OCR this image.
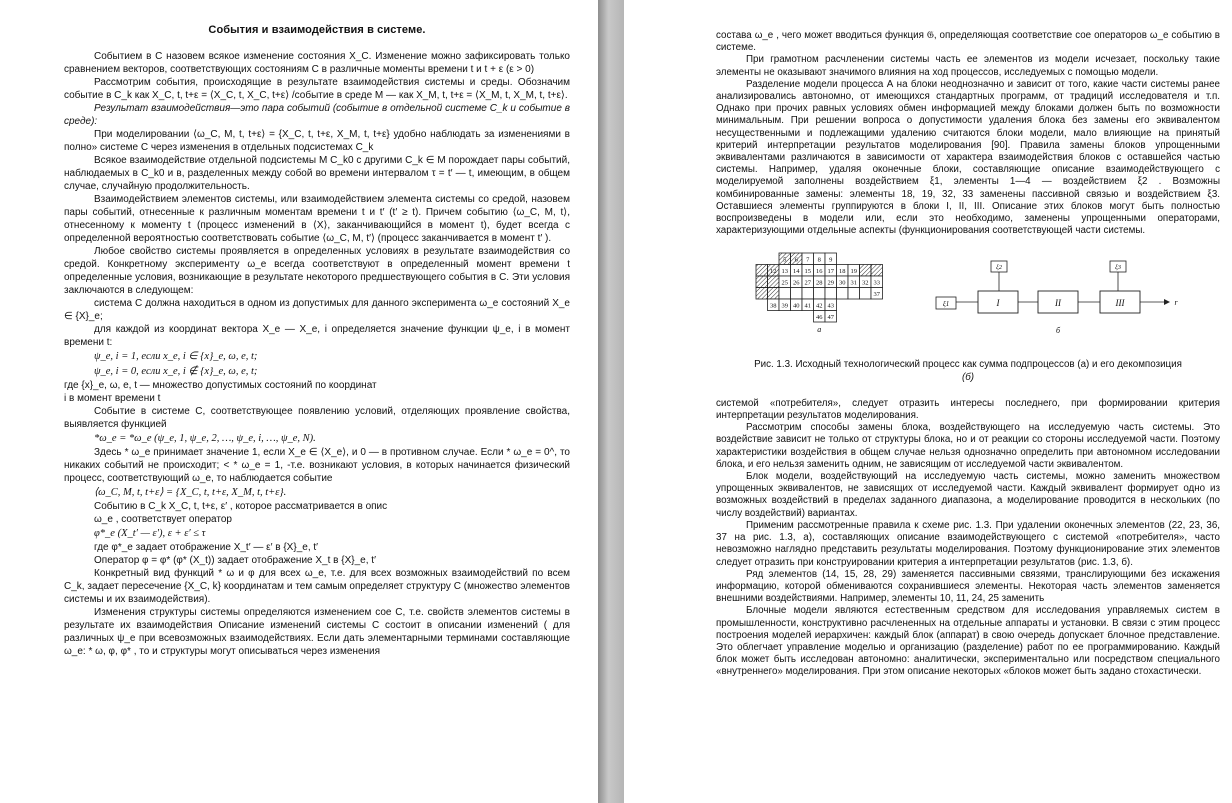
События и взаимодействия в системе.

Событием в C назовем всякое изменение состояния X_C. Изменение можно зафиксировать только сравнением векторов, соответствующих состояниям C в различные моменты времени t и t + ε (ε > 0)

Рассмотрим события, происходящие в результате взаимодействия системы и среды. Обозначим событие в C_k как X_C, t, t+ε = ⟨X_C, t, X_C, t+ε⟩ /событие в среде M — как X_M, t, t+ε = ⟨X_M, t, X_M, t, t+ε⟩.

Результат взаимодействия—это пара событий (событие в отдельной системе C_k и событие в среде):

При моделировании ⟨ω_C, M, t, t+ε⟩ = {X_C, t, t+ε, X_M, t, t+ε} удобно наблюдать за изменениями в полно» системе C через изменения в отдельных подсистемах C_k

Всякое взаимодействие отдельной подсистемы M C_k0 с другими C_k ∈ M порождает пары событий, наблюдаемых в C_k0 и в, разделенных между собой во времени интервалом τ = t′ — t, имеющим, в общем случае, случайную продолжительность.

Взаимодействием элементов системы, или взаимодействием элемента системы со средой, назовем пары событий, отнесенные к различным моментам времени t и t′ (t′ ≥ t). Причем событию ⟨ω_C, M, t⟩, отнесенному к моменту t (процесс изменений в ⟨X⟩, заканчивающийся в момент t), будет всегда с определенной вероятностью соответствовать событие ⟨ω_C, M, t′⟩ (процесс заканчивается в момент t′ ).

Любое свойство системы проявляется в определенных условиях в результате взаимодействия со средой. Конкретному эксперименту ω_e всегда соответствуют в определенный момент времени t определенные условия, возникающие в результате некоторого предшествующего события в C. Эти условия заключаются в следующем:

система C должна находиться в одном из допустимых для данного эксперимента ω_e состояний X_e ∈ {X}_e;

для каждой из координат вектора X_e — X_e, i определяется значение функции ψ_e, i в момент времени t:

ψ_e, i = 1, если x_e, i ∈ {x}_e, ω, e, t;

ψ_e, i = 0, если x_e, i ∉ {x}_e, ω, e, t;

где {x}_e, ω, e, t — множество допустимых состояний по координат

i в момент времени t

Событие в системе C, соответствующее появлению условий, отделяющих проявление свойства, выявляется функцией

*ω_e = *ω_e (ψ_e, 1, ψ_e, 2, …, ψ_e, i, …, ψ_e, N).

Здесь * ω_e принимает значение 1, если X_e ∈ ⟨X_e⟩, и 0 — в противном случае. Если * ω_e = 0^, то никаких событий не происходит; < * ω_e = 1, -т.е. возникают условия, в которых начинается физический процесс, соответствующий ω_e, то наблюдается событие

⟨ω_C, M, t, t+ε⟩ = {X_C, t, t+ε, X_M, t, t+ε}.

Событию в C_k X_C, t, t+ε, ε′ , которое рассматривается в опис

ω_e , соответствует оператор

φ*_e (X_t′ — ε′), ε + ε′ ≤ τ

где φ*_e задает отображение X_t′ — ε′ в {X}_e, t′

Оператор φ = φ* (φ* (X_t)) задает отображение X_t в {X}_e, t′

Конкретный вид функций * ω и φ для всех ω_e, т.е. для всех возможных взаимодействий по всем C_k, задает пересечение {X_C, k} координатам и тем самым определяет структуру C (множество элементов системы и их взаимодействия).

Изменения структуры системы определяются изменением сое C, т.е. свойств элементов системы в результате их взаимодействия Описание изменений системы C состоит в описании изменений ( для различных ψ_e при всевозможных взаимодействиях. Если дать элементарными терминами составляющие ω_e: * ω, φ, φ* , то и структуры могут описываться через изменения

состава ω_e , чего может вводиться функция 𝔊, определяющая соответствие сое операторов ω_e событию в системе.

При грамотном расчленении системы часть ее элементов из модели исчезает, поскольку такие элементы не оказывают значимого влияния на ход процессов, исследуемых с помощью модели.

Разделение модели процесса А на блоки неоднозначно и зависит от того, какие части системы ранее анализировались автономно, от имеющихся стандартных программ, от традиций исследователя и т.п. Однако при прочих равных условиях обмен информацией между блоками должен быть по возможности минимальным. При решении вопроса о допустимости удаления блока без замены его эквивалентом несущественными и подлежащими удалению считаются блоки модели, мало влияющие на принятый критерий интерпретации результатов моделирования [90]. Правила замены блоков упрощенными эквивалентами различаются в зависимости от характера взаимодействия блоков с оставшейся частью системы. Например, удаляя оконечные блоки, составляющие описание взаимодействующего с моделируемой заполнены воздействием ξ1, элементы 1—4 — воздействием ξ2 . Возможны комбинированные замены: элементы 18, 19, 32, 33 заменены пассивной связью и воздействием ξ3. Оставшиеся элементы группируются в блоки I, II, III. Описание этих блоков могут быть полностью воспроизведены в модели или, если это необходимо, заменены упрощенными операторами, характеризующими отдельные аспекты (функционирования соответствующей части системы.

5 6 7 8 9
12 13 14 15 16 17 18 19
25 26 27 28 29 30 31 32 33
37
38 39 40 41 42 43
46 47
а
ξ1	I	II	III	r
ξ2	ξ3
б

Рис. 1.3. Исходный технологический процесс как сумма подпроцессов (а) и его декомпозиция
(б)

системой «потребителя», следует отразить интересы последнего, при формировании критерия интерпретации результатов моделирования.

Рассмотрим способы замены блока, воздействующего на исследуемую часть системы. Это воздействие зависит не только от структуры блока, но и от реакции со стороны исследуемой части. Поэтому характеристики воздействия в общем случае нельзя однозначно определить при автономном исследовании блока, и его нельзя заменить одним, не зависящим от исследуемой части эквивалентом.

Блок модели, воздействующий на исследуемую часть системы, можно заменить множеством упрощенных эквивалентов, не зависящих от исследуемой части. Каждый эквивалент формирует одно из возможных воздействий в пределах заданного диапазона, а моделирование проводится в нескольких (по числу воздействий) вариантах.

Применим рассмотренные правила к схеме рис. 1.3. При удалении оконечных элементов (22, 23, 36, 37 на рис. 1.3, а), составляющих описание взаимодействующего с системой «потребителя», часто невозможно наглядно представить результаты моделирования. Поэтому функционирование этих элементов следует отразить при конструировании критерия а интерпретации результатов (рис. 1.3, б).

Ряд элементов (14, 15, 28, 29) заменяется пассивными связями, транслирующими без искажения информацию, которой обмениваются сохранившиеся элементы. Некоторая часть элементов заменяется внешними воздействиями. Например, элементы 10, 11, 24, 25 заменить

Блочные модели являются естественным средством для исследования управляемых систем в промышленности, конструктивно расчлененных на отдельные аппараты и установки. В связи с этим процесс построения моделей иерархичен: каждый блок (аппарат) в свою очередь допускает блочное представление. Это облегчает управление моделью и организацию (разделение) работ по ее программированию. Каждый блок может быть исследован автономно: аналитически, экспериментально или посредством специального «внутреннего» моделирования. При этом описание некоторых «блоков может быть задано стохастически.
